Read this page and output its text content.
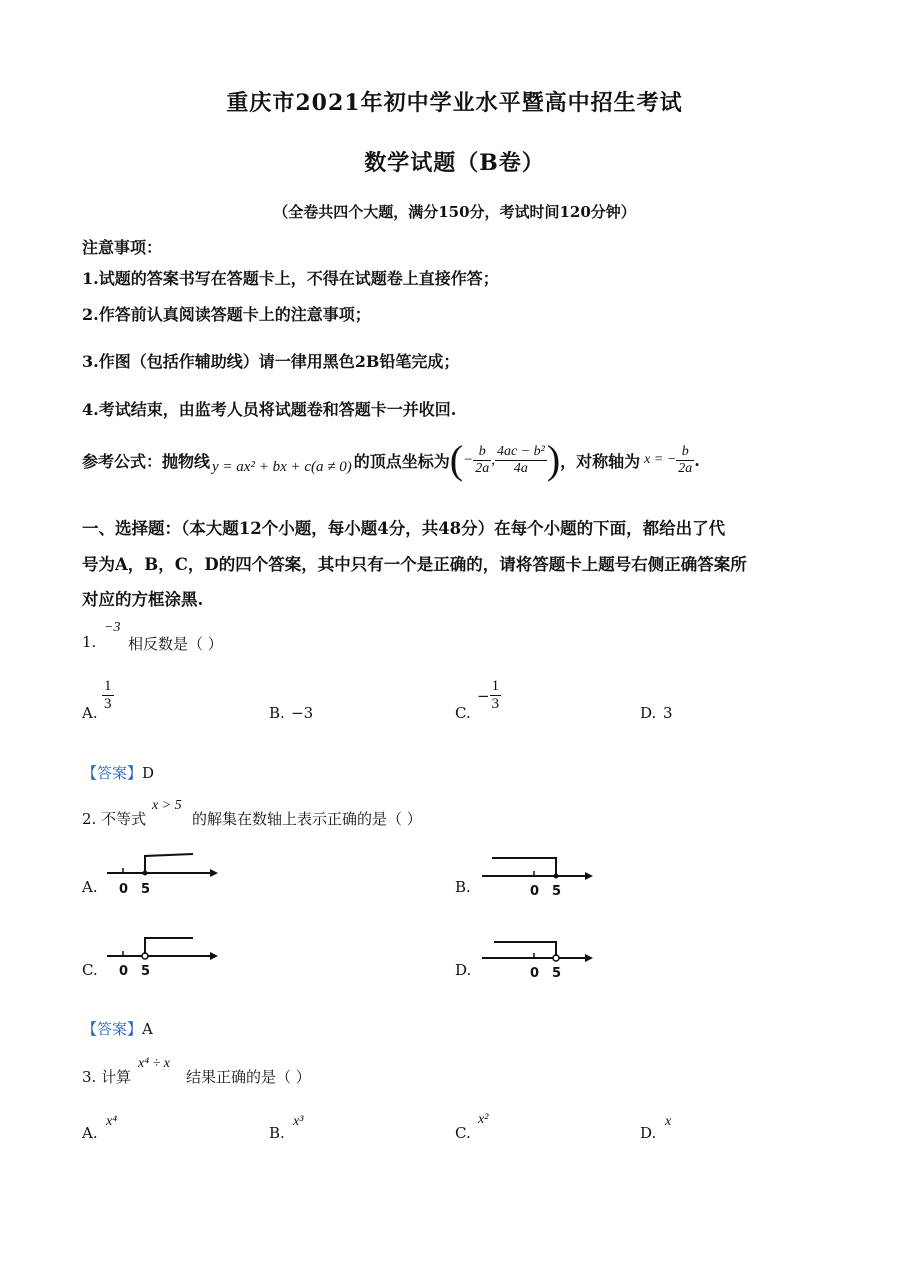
重庆市2021年初中学业水平暨高中招生考试
数学试题（B卷）
（全卷共四个大题，满分150分，考试时间120分钟）
注意事项：
1.试题的答案书写在答题卡上，不得在试题卷上直接作答；
2.作答前认真阅读答题卡上的注意事项；
3.作图（包括作辅助线）请一律用黑色2B铅笔完成；
4.考试结束，由监考人员将试题卷和答题卡一并收回.
参考公式：抛物线 y = ax² + bx + c(a ≠ 0) 的顶点坐标为 ( − $\frac{b}{2a}$ , $\frac{\text{4ac − b²}}{4a}$ ) ，对称轴为 x = − $\frac{b}{2a}$ .
一、选择题：（本大题12个小题，每小题4分，共48分）在每个小题的下面，都给出了代
号为A，B，C，D的四个答案，其中只有一个是正确的，请将答题卡上题号右侧正确答案所
对应的方框涂黑.
1.
−3
相反数是（ ）
A. $\frac{1}{3}$	B. −3	C.
− $\frac{1}{3}$	D. 3
【答案】D
2. 不等式
x > 5
的解集在数轴上表示正确的是（ ）
A. 0 5	B.	0 5
C. 0 5	D.	0 5
【答案】A
3. 计算
x⁴ ÷ x
结果正确的是（ ）
A.
x⁴
B.
x³
C.
x²
D.
x
